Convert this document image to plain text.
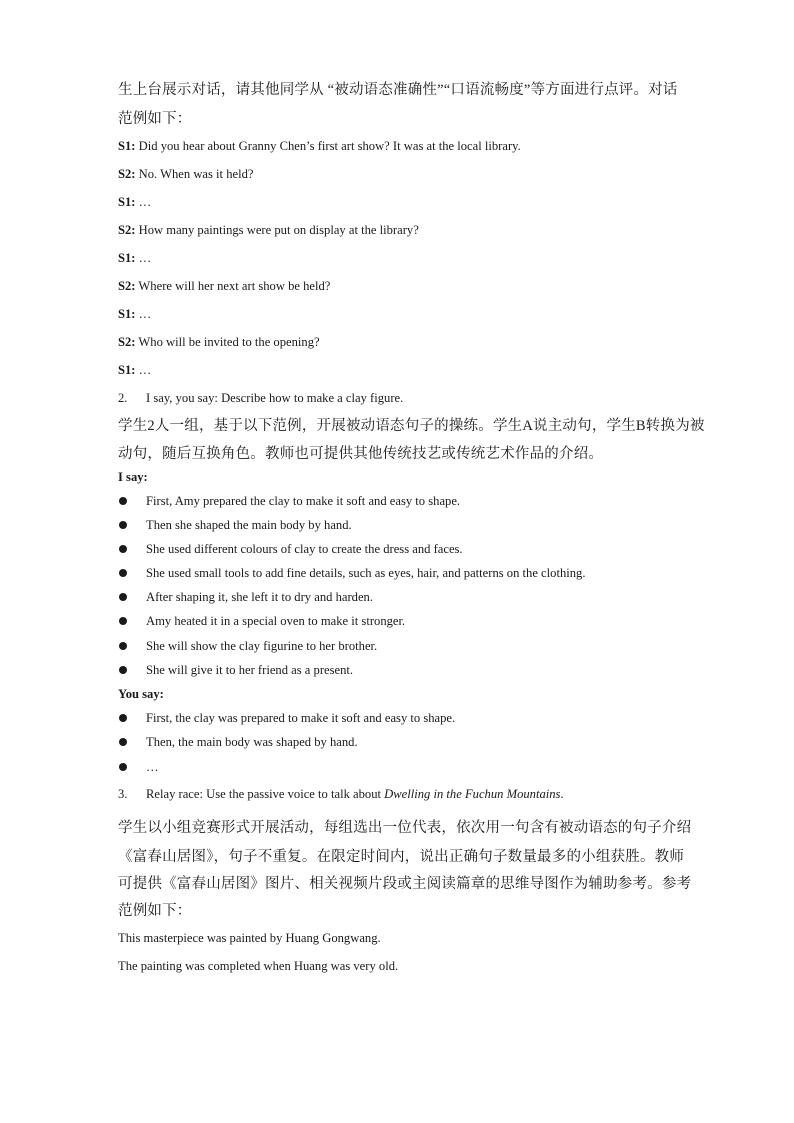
生上台展示对话，请其他同学从 “被动语态准确性”“口语流畅度”等方面进行点评。对话
范例如下：
S1: Did you hear about Granny Chen’s first art show? It was at the local library.
S2: No. When was it held?
S1: …
S2: How many paintings were put on display at the library?
S1: …
S2: Where will her next art show be held?
S1: …
S2: Who will be invited to the opening?
S1: …
2. I say, you say: Describe how to make a clay figure.
学生2人一组，基于以下范例，开展被动语态句子的操练。学生A说主动句，学生B转换为被
动句，随后互换角色。教师也可提供其他传统技艺或传统艺术作品的介绍。
I say:
First, Amy prepared the clay to make it soft and easy to shape.
Then she shaped the main body by hand.
She used different colours of clay to create the dress and faces.
She used small tools to add fine details, such as eyes, hair, and patterns on the clothing.
After shaping it, she left it to dry and harden.
Amy heated it in a special oven to make it stronger.
She will show the clay figurine to her brother.
She will give it to her friend as a present.
You say:
First, the clay was prepared to make it soft and easy to shape.
Then, the main body was shaped by hand.
…
3. Relay race: Use the passive voice to talk about Dwelling in the Fuchun Mountains.
学生以小组竞赛形式开展活动，每组选出一位代表，依次用一句含有被动语态的句子介绍
《富春山居图》，句子不重复。在限定时间内，说出正确句子数量最多的小组获胜。教师
可提供《富春山居图》图片、相关视频片段或主阅读篇章的思维导图作为辅助参考。参考
范例如下：
This masterpiece was painted by Huang Gongwang.
The painting was completed when Huang was very old.
